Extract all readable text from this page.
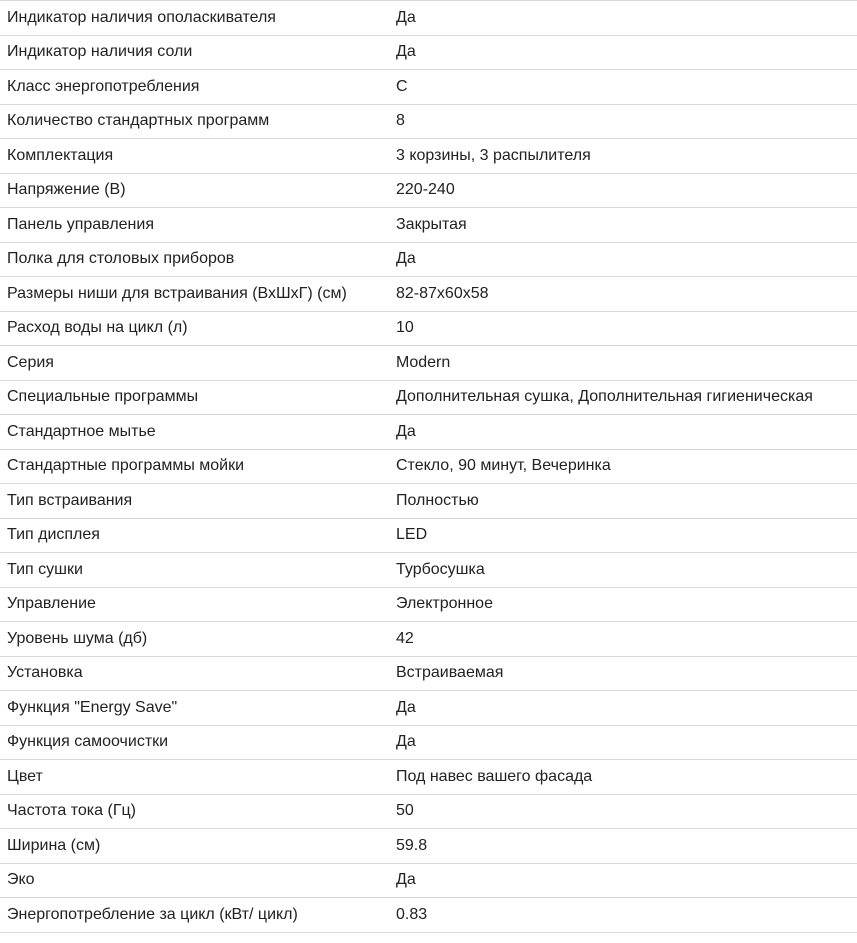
Индикатор наличия ополаскивателя	Да
Индикатор наличия соли	Да
Класс энергопотребления	C
Количество стандартных программ	8
Комплектация	3 корзины, 3 распылителя
Напряжение (В)	220-240
Панель управления	Закрытая
Полка для столовых приборов	Да
Размеры ниши для встраивания (ВхШхГ) (см)	82-87x60x58
Расход воды на цикл (л)	10
Серия	Modern
Специальные программы	Дополнительная сушка, Дополнительная гигиеническая
Стандартное мытье	Да
Стандартные программы мойки	Стекло, 90 минут, Вечеринка
Тип встраивания	Полностью
Тип дисплея	LED
Тип сушки	Турбосушка
Управление	Электронное
Уровень шума (дб)	42
Установка	Встраиваемая
Функция "Energy Save"	Да
Функция самоочистки	Да
Цвет	Под навес вашего фасада
Частота тока (Гц)	50
Ширина (см)	59.8
Эко	Да
Энергопотребление за цикл (кВт/ цикл)	0.83
